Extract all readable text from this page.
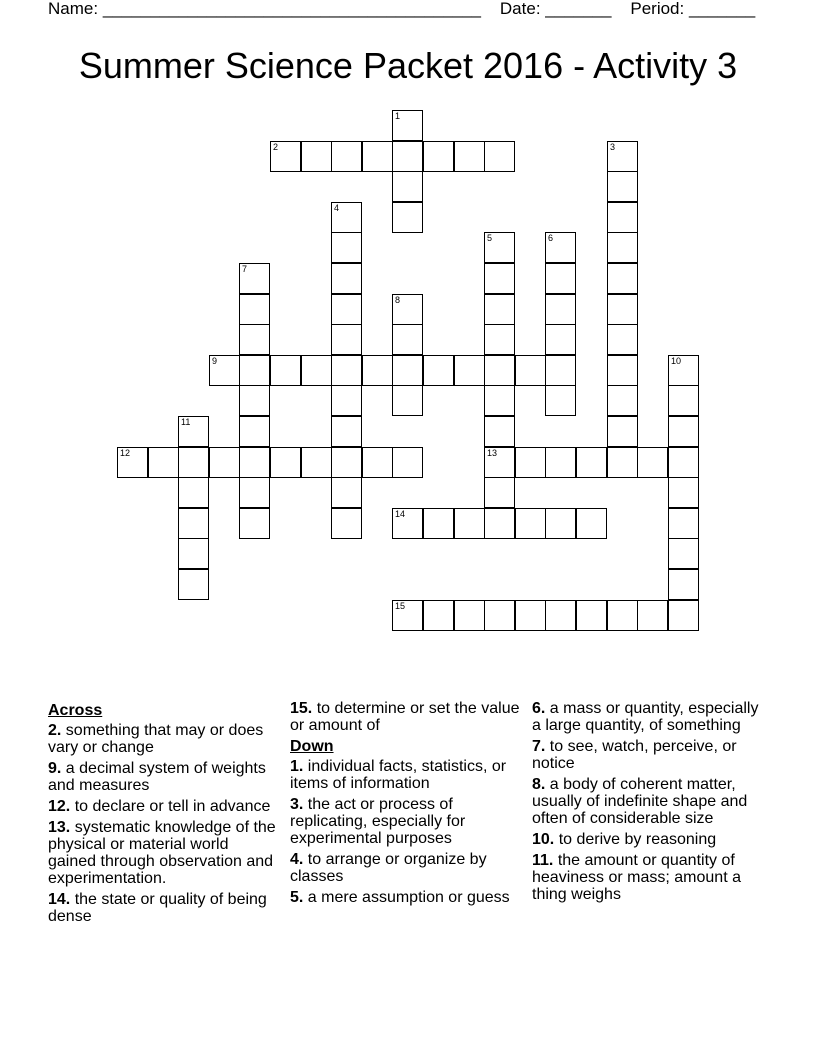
Name: ________________________________________ Date: _______ Period: _______
Summer Science Packet 2016 - Activity 3
1
2	3
4
5
13
6
7
8
9	10
11
12
14
15
Across
2. something that may or does vary or change
9. a decimal system of weights and measures
12. to declare or tell in advance
13. systematic knowledge of the physical or material world gained through observation and experimentation.
14. the state or quality of being dense
15. to determine or set the value or amount of
Down
1. individual facts, statistics, or items of information
3. the act or process of replicating, especially for experimental purposes
4. to arrange or organize by classes
5. a mere assumption or guess
6. a mass or quantity, especially a large quantity, of something
7. to see, watch, perceive, or notice
8. a body of coherent matter, usually of indefinite shape and often of considerable size
10. to derive by reasoning
11. the amount or quantity of heaviness or mass; amount a thing weighs
